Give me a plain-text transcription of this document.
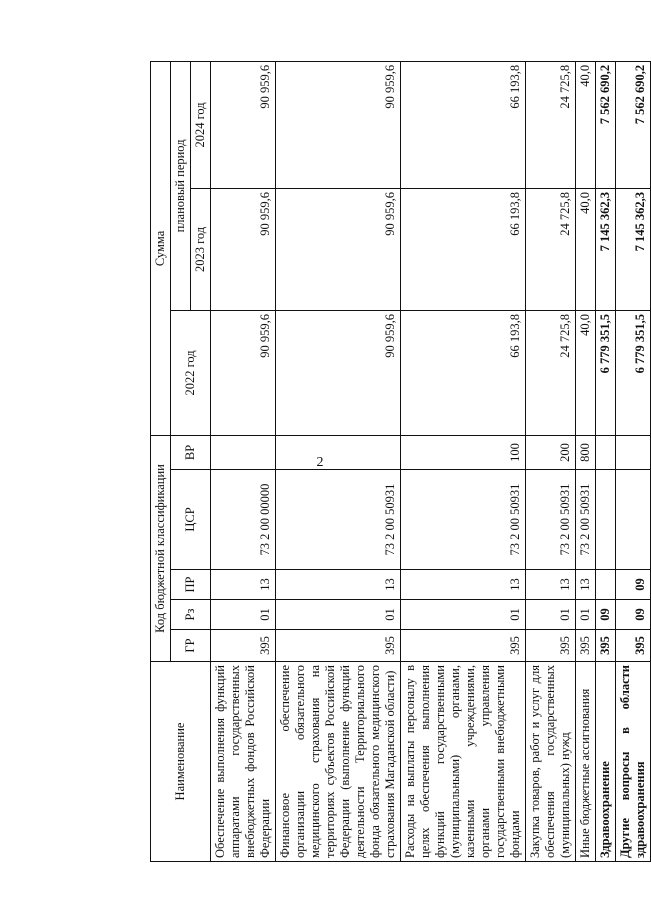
2
Наименование	Код бюджетной классификации					Сумма		
	ГР	Рз	ПР	ЦСР	ВР	2022 год	плановый период	
							2023 год	2024 год
Обеспечение выполнения функций аппаратами государственных внебюджетных фондов Российской Федерации	395	01	13	73 2 00 00000		90 959,6	90 959,6	90 959,6
Финансовое обеспечение организации обязательного медицинского страхования на территориях субъектов Российской Федерации (выполнение функций деятельности Территориального фонда обязательного медицинского страхования Магаданской области)	395	01	13	73 2 00 50931		90 959,6	90 959,6	90 959,6
Расходы на выплаты персоналу в целях обеспечения выполнения функций государственными (муниципальными) органами, казенными учреждениями, органами управления государственными внебюджетными фондами	395	01	13	73 2 00 50931	100	66 193,8	66 193,8	66 193,8
Закупка товаров, работ и услуг для обеспечения государственных (муниципальных) нужд	395	01	13	73 2 00 50931	200	24 725,8	24 725,8	24 725,8
Иные бюджетные ассигнования	395	01	13	73 2 00 50931	800	40,0	40,0	40,0
Здравоохранение	395	09				6 779 351,5	7 145 362,3	7 562 690,2
Другие вопросы в области здравоохранения	395	09	09			6 779 351,5	7 145 362,3	7 562 690,2
